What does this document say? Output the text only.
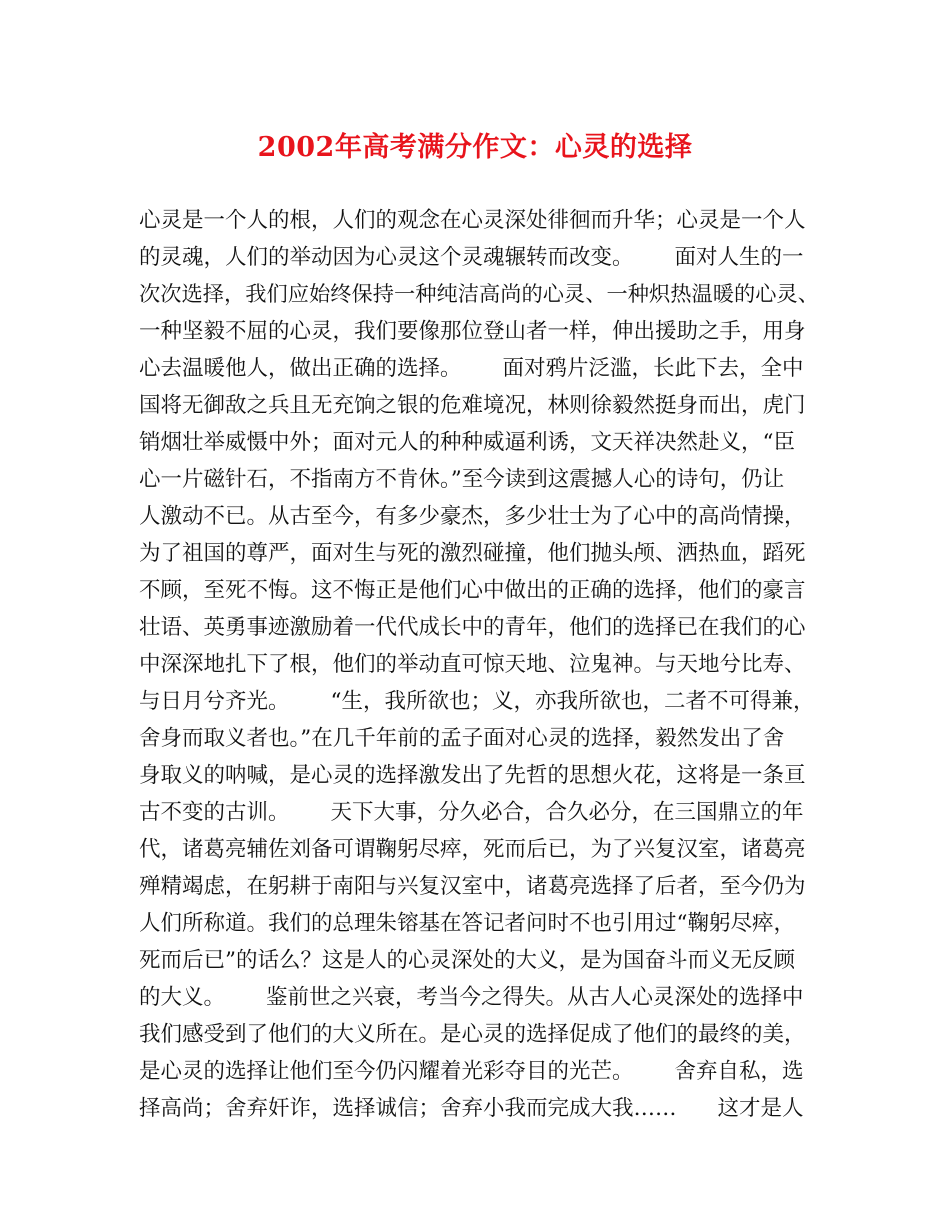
2002年高考满分作文：心灵的选择
心灵是一个人的根，人们的观念在心灵深处徘徊而升华；心灵是一个人
的灵魂，人们的举动因为心灵这个灵魂辗转而改变。      面对人生的一
次次选择，我们应始终保持一种纯洁高尚的心灵、一种炽热温暖的心灵、
一种坚毅不屈的心灵，我们要像那位登山者一样，伸出援助之手，用身
心去温暖他人，做出正确的选择。      面对鸦片泛滥，长此下去，全中
国将无御敌之兵且无充饷之银的危难境况，林则徐毅然挺身而出，虎门
销烟壮举威慑中外；面对元人的种种威逼利诱，文天祥决然赴义，“臣
心一片磁针石，不指南方不肯休。”至今读到这震撼人心的诗句，仍让
人激动不已。从古至今，有多少豪杰，多少壮士为了心中的高尚情操，
为了祖国的尊严，面对生与死的激烈碰撞，他们抛头颅、洒热血，蹈死
不顾，至死不悔。这不悔正是他们心中做出的正确的选择，他们的豪言
壮语、英勇事迹激励着一代代成长中的青年，他们的选择已在我们的心
中深深地扎下了根，他们的举动直可惊天地、泣鬼神。与天地兮比寿、
与日月兮齐光。      “生，我所欲也；义，亦我所欲也，二者不可得兼，
舍身而取义者也。”在几千年前的孟子面对心灵的选择，毅然发出了舍
身取义的呐喊，是心灵的选择激发出了先哲的思想火花，这将是一条亘
古不变的古训。      天下大事，分久必合，合久必分，在三国鼎立的年
代，诸葛亮辅佐刘备可谓鞠躬尽瘁，死而后已，为了兴复汉室，诸葛亮
殚精竭虑，在躬耕于南阳与兴复汉室中，诸葛亮选择了后者，至今仍为
人们所称道。我们的总理朱镕基在答记者问时不也引用过“鞠躬尽瘁，
死而后已”的话么？这是人的心灵深处的大义，是为国奋斗而义无反顾
的大义。      鉴前世之兴衰，考当今之得失。从古人心灵深处的选择中
我们感受到了他们的大义所在。是心灵的选择促成了他们的最终的美，
是心灵的选择让他们至今仍闪耀着光彩夺目的光芒。      舍弃自私，选
择高尚；舍弃奸诈，选择诚信；舍弃小我而完成大我……      这才是人
